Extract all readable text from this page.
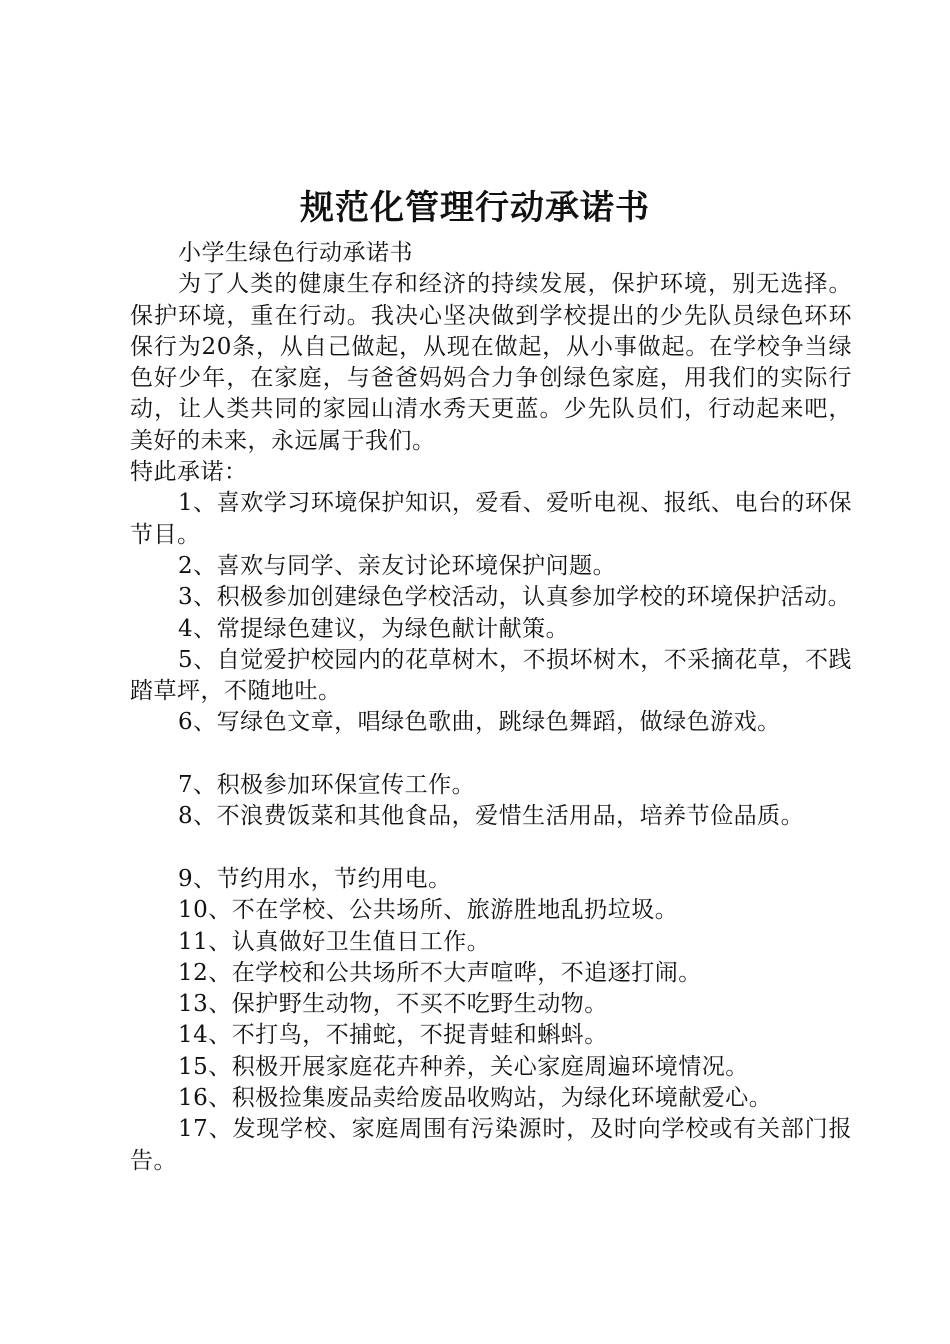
规范化管理行动承诺书

小学生绿色行动承诺书

为了人类的健康生存和经济的持续发展，保护环境，别无选择。保护环境，重在行动。我决心坚决做到学校提出的少先队员绿色环环保行为20条，从自己做起，从现在做起，从小事做起。在学校争当绿色好少年，在家庭，与爸爸妈妈合力争创绿色家庭，用我们的实际行动，让人类共同的家园山清水秀天更蓝。少先队员们，行动起来吧，美好的未来，永远属于我们。

特此承诺：

1、喜欢学习环境保护知识，爱看、爱听电视、报纸、电台的环保节目。

2、喜欢与同学、亲友讨论环境保护问题。

3、积极参加创建绿色学校活动，认真参加学校的环境保护活动。

4、常提绿色建议，为绿色献计献策。

5、自觉爱护校园内的花草树木，不损坏树木，不采摘花草，不践踏草坪，不随地吐。

6、写绿色文章，唱绿色歌曲，跳绿色舞蹈，做绿色游戏。

7、积极参加环保宣传工作。

8、不浪费饭菜和其他食品，爱惜生活用品，培养节俭品质。

9、节约用水，节约用电。

10、不在学校、公共场所、旅游胜地乱扔垃圾。

11、认真做好卫生值日工作。

12、在学校和公共场所不大声喧哗，不追逐打闹。

13、保护野生动物，不买不吃野生动物。

14、不打鸟，不捕蛇，不捉青蛙和蝌蚪。

15、积极开展家庭花卉种养，关心家庭周遍环境情况。

16、积极捡集废品卖给废品收购站，为绿化环境献爱心。

17、发现学校、家庭周围有污染源时，及时向学校或有关部门报告。
